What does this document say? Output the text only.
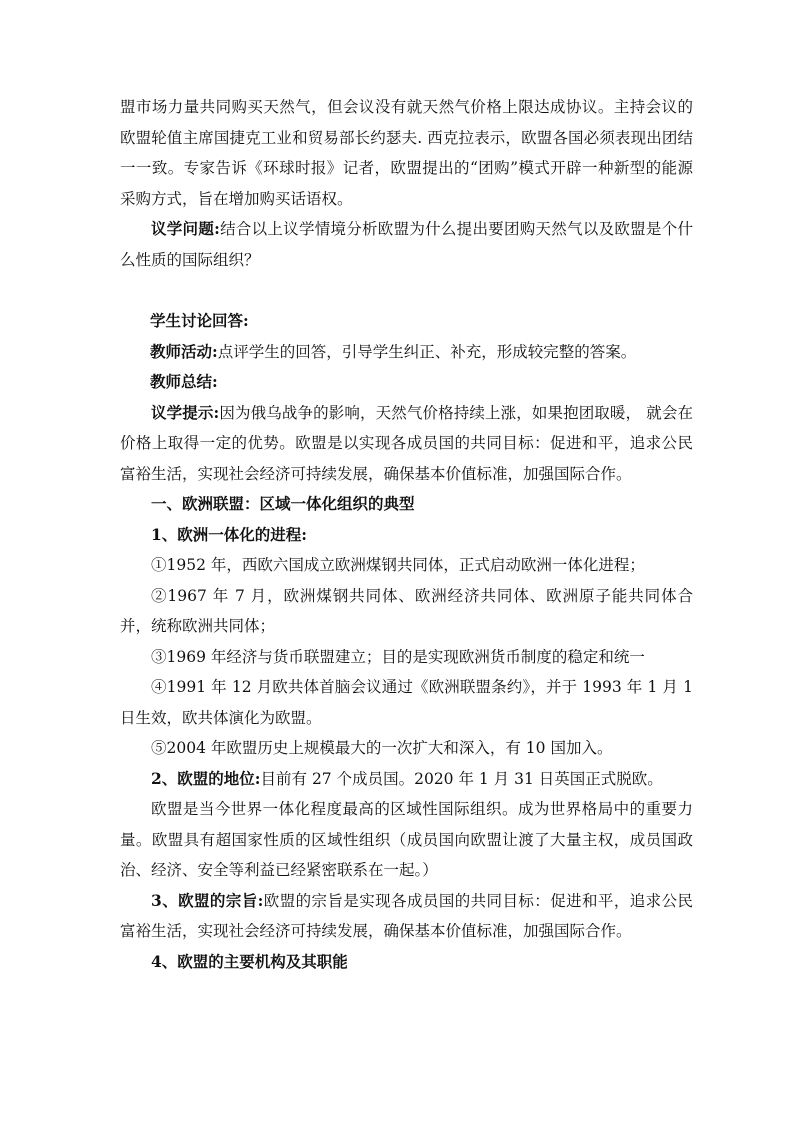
盟市场力量共同购买天然气，但会议没有就天然气价格上限达成协议。主持会议的欧盟轮值主席国捷克工业和贸易部长约瑟夫. 西克拉表示，欧盟各国必须表现出团结一一致。专家告诉《环球时报》记者，欧盟提出的“团购”模式开辟一种新型的能源采购方式，旨在增加购买话语权。

议学问题:结合以上议学情境分析欧盟为什么提出要团购天然气以及欧盟是个什么性质的国际组织？

学生讨论回答:

教师活动:点评学生的回答，引导学生纠正、补充，形成较完整的答案。

教师总结:

议学提示:因为俄乌战争的影响，天然气价格持续上涨，如果抱团取暖， 就会在价格上取得一定的优势。欧盟是以实现各成员国的共同目标：促进和平，追求公民富裕生活，实现社会经济可持续发展，确保基本价值标准，加强国际合作。

一、欧洲联盟：区域一体化组织的典型

1、欧洲一体化的进程:

①1952 年，西欧六国成立欧洲煤钢共同体，正式启动欧洲一体化进程；

②1967 年 7 月，欧洲煤钢共同体、欧洲经济共同体、欧洲原子能共同体合并，统称欧洲共同体；

③1969 年经济与货币联盟建立；目的是实现欧洲货币制度的稳定和统一

④1991 年 12 月欧共体首脑会议通过《欧洲联盟条约》，并于 1993 年 1 月 1 日生效，欧共体演化为欧盟。

⑤2004 年欧盟历史上规模最大的一次扩大和深入，有 10 国加入。

2、欧盟的地位:目前有 27 个成员国。2020 年 1 月 31 日英国正式脱欧。

欧盟是当今世界一体化程度最高的区域性国际组织。成为世界格局中的重要力量。欧盟具有超国家性质的区域性组织（成员国向欧盟让渡了大量主权，成员国政治、经济、安全等利益已经紧密联系在一起。）

3、欧盟的宗旨:欧盟的宗旨是实现各成员国的共同目标：促进和平，追求公民富裕生活，实现社会经济可持续发展，确保基本价值标准，加强国际合作。

4、欧盟的主要机构及其职能
